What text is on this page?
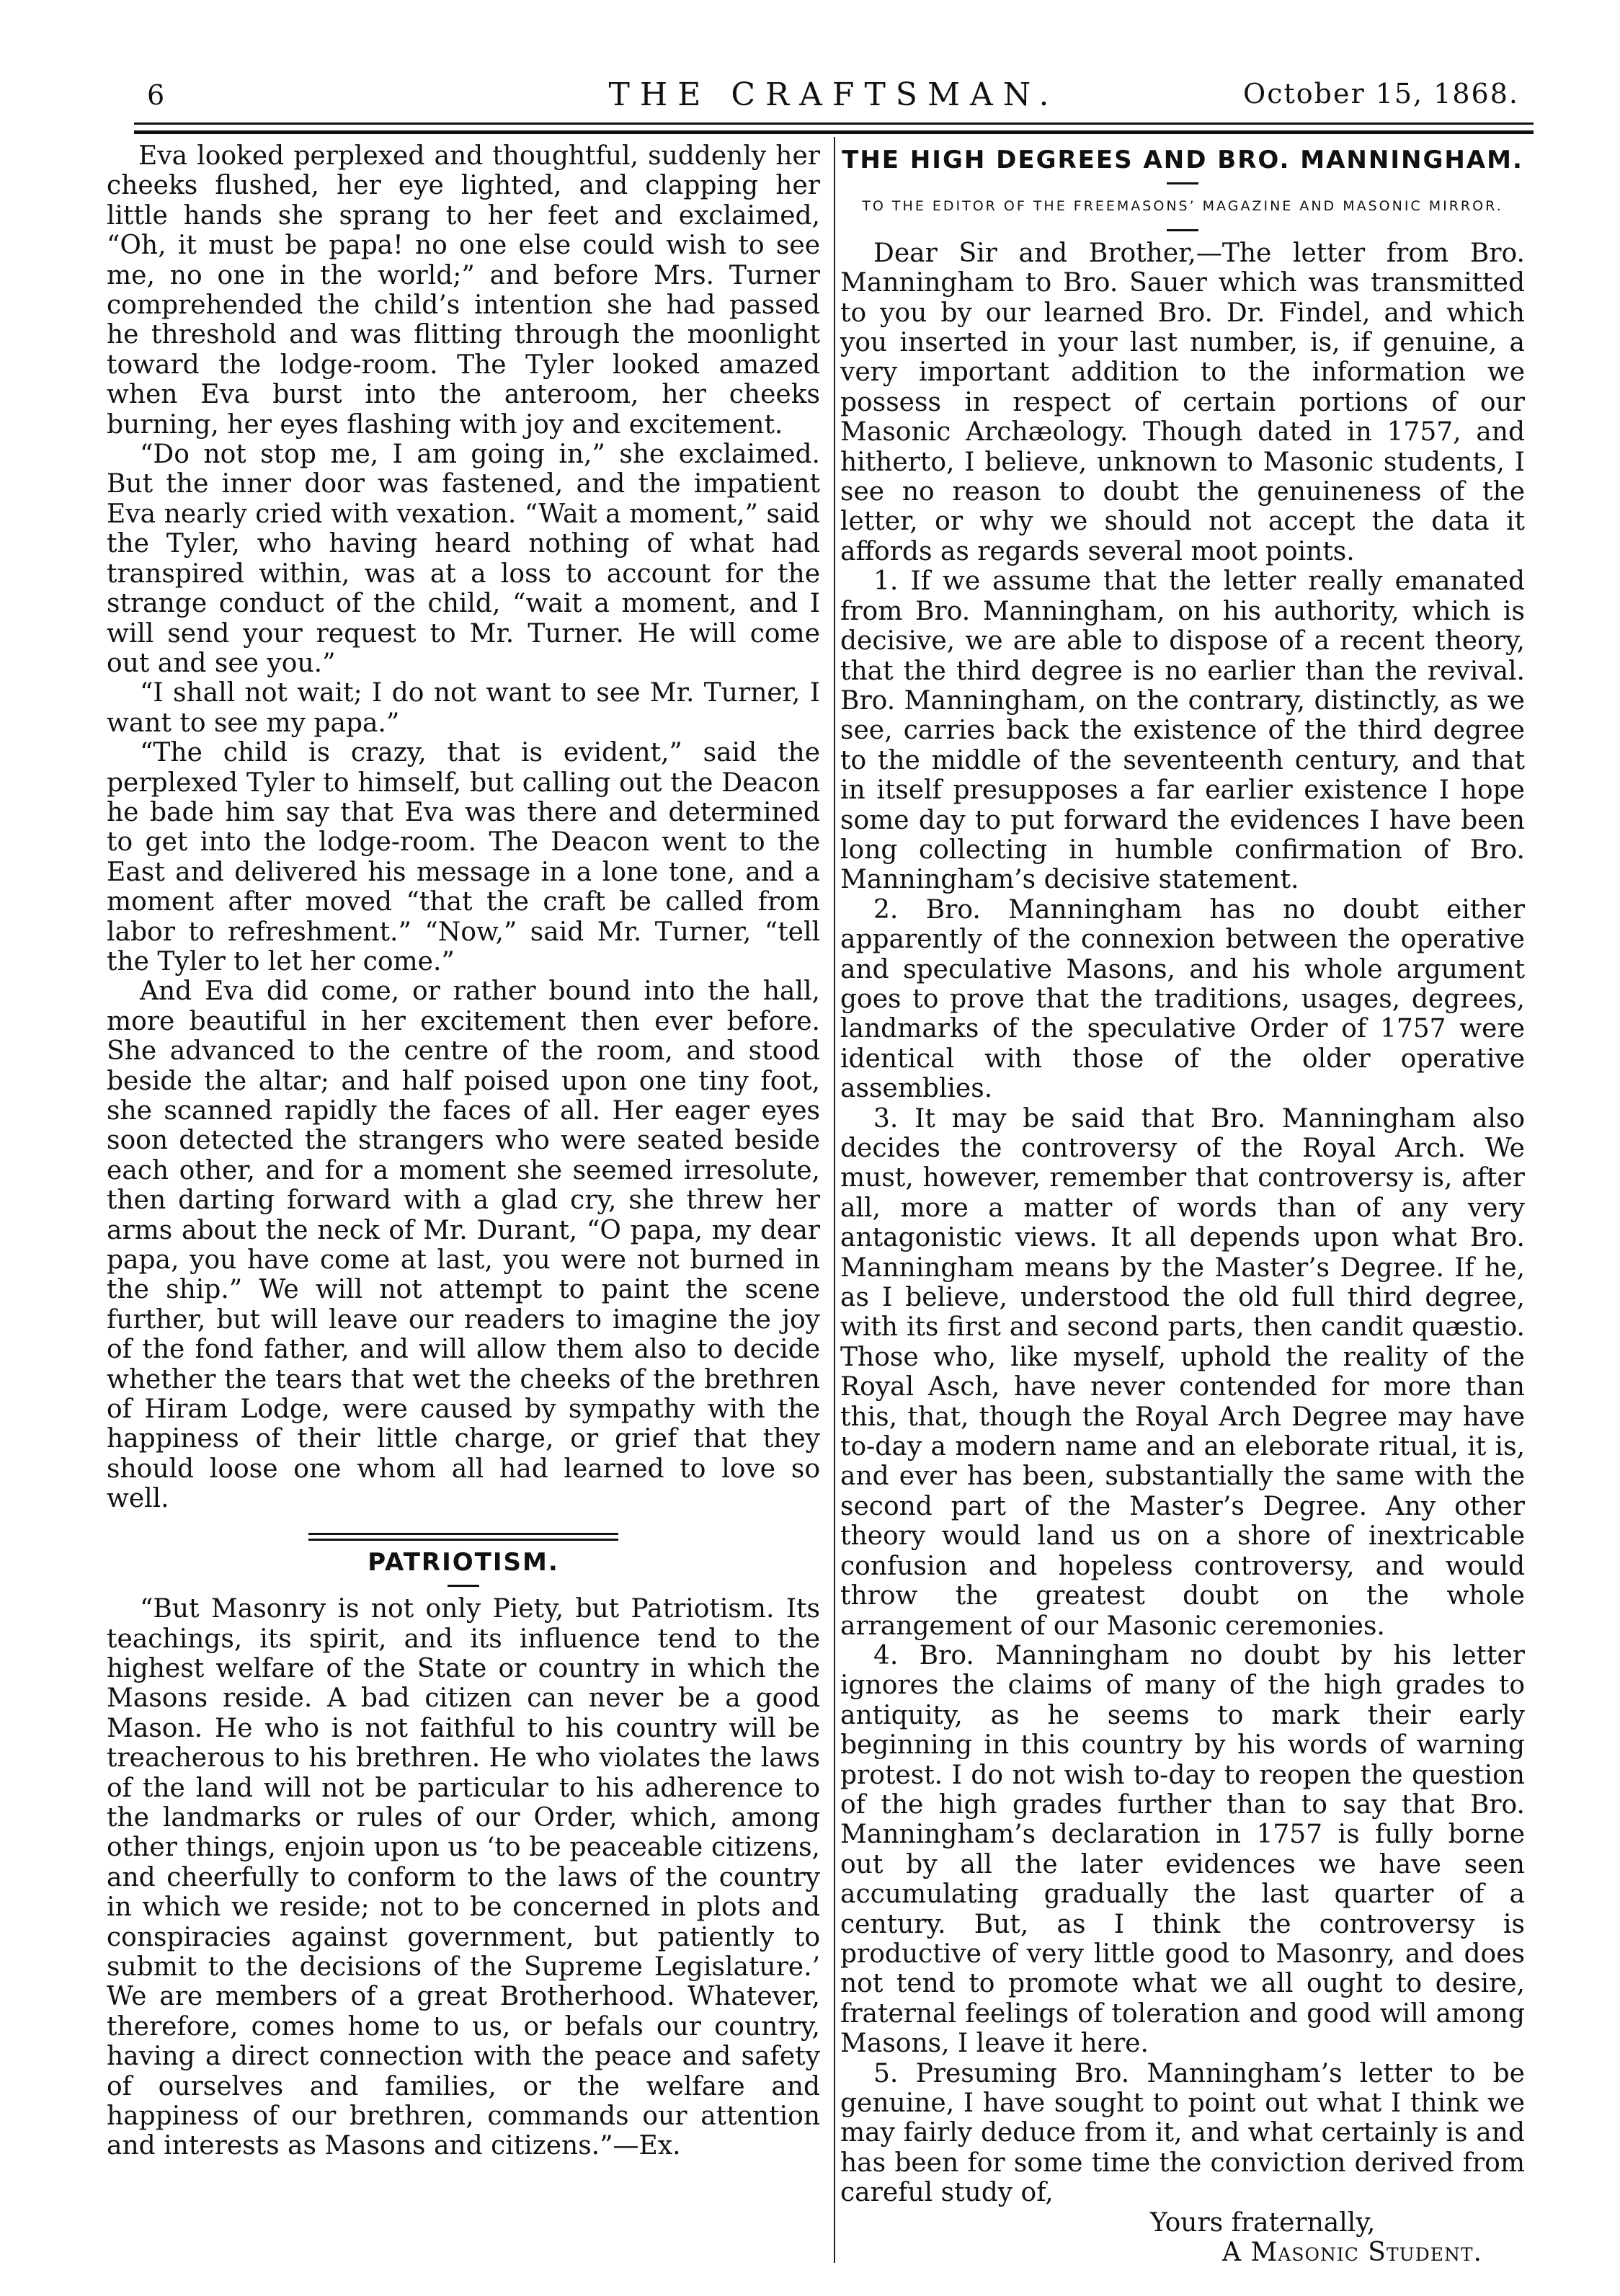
6	THE CRAFTSMAN.	October 15, 1868.

Eva looked perplexed and thoughtful, suddenly her cheeks flushed, her eye lighted, and clapping her little hands she sprang to her feet and exclaimed, “Oh, it must be papa! no one else could wish to see me, no one in the world;” and before Mrs. Turner comprehended the child’s intention she had passed he threshold and was flitting through the moonlight toward the lodge-room. The Tyler looked amazed when Eva burst into the anteroom, her cheeks burning, her eyes flashing with joy and excitement.

“Do not stop me, I am going in,” she exclaimed. But the inner door was fastened, and the impatient Eva nearly cried with vexation. “Wait a moment,” said the Tyler, who having heard nothing of what had transpired within, was at a loss to account for the strange conduct of the child, “wait a moment, and I will send your request to Mr. Turner. He will come out and see you.”

“I shall not wait; I do not want to see Mr. Turner, I want to see my papa.”

“The child is crazy, that is evident,” said the perplexed Tyler to himself, but calling out the Deacon he bade him say that Eva was there and determined to get into the lodge-room. The Deacon went to the East and delivered his message in a lone tone, and a moment after moved “that the craft be called from labor to refreshment.” “Now,” said Mr. Turner, “tell the Tyler to let her come.”

And Eva did come, or rather bound into the hall, more beautiful in her excitement then ever before. She advanced to the centre of the room, and stood beside the altar; and half poised upon one tiny foot, she scanned rapidly the faces of all. Her eager eyes soon detected the strangers who were seated beside each other, and for a moment she seemed irresolute, then darting forward with a glad cry, she threw her arms about the neck of Mr. Durant, “O papa, my dear papa, you have come at last, you were not burned in the ship.” We will not attempt to paint the scene further, but will leave our readers to imagine the joy of the fond father, and will allow them also to decide whether the tears that wet the cheeks of the brethren of Hiram Lodge, were caused by sympathy with the happiness of their little charge, or grief that they should loose one whom all had learned to love so well.

PATRIOTISM.

“But Masonry is not only Piety, but Patriotism. Its teachings, its spirit, and its influence tend to the highest welfare of the State or country in which the Masons reside. A bad citizen can never be a good Mason. He who is not faithful to his country will be treacherous to his brethren. He who violates the laws of the land will not be particular to his adherence to the landmarks or rules of our Order, which, among other things, enjoin upon us ‘to be peaceable citizens, and cheerfully to conform to the laws of the country in which we reside; not to be concerned in plots and conspiracies against government, but patiently to submit to the decisions of the Supreme Legislature.’ We are members of a great Brotherhood. Whatever, therefore, comes home to us, or befals our country, having a direct connection with the peace and safety of ourselves and families, or the welfare and happiness of our brethren, commands our attention and interests as Masons and citizens.”—Ex.

THE HIGH DEGREES AND BRO. MANNINGHAM.
TO THE EDITOR OF THE FREEMASONS’ MAGAZINE AND MASONIC MIRROR.

Dear Sir and Brother,—The letter from Bro. Manningham to Bro. Sauer which was transmitted to you by our learned Bro. Dr. Findel, and which you inserted in your last number, is, if genuine, a very important addition to the information we possess in respect of certain portions of our Masonic Archæology. Though dated in 1757, and hitherto, I believe, unknown to Masonic students, I see no reason to doubt the genuineness of the letter, or why we should not accept the data it affords as regards several moot points.

1. If we assume that the letter really emanated from Bro. Manningham, on his authority, which is decisive, we are able to dispose of a recent theory, that the third degree is no earlier than the revival. Bro. Manningham, on the contrary, distinctly, as we see, carries back the existence of the third degree to the middle of the seventeenth century, and that in itself presupposes a far earlier existence I hope some day to put forward the evidences I have been long collecting in humble confirmation of Bro. Manningham’s decisive statement.

2. Bro. Manningham has no doubt either apparently of the connexion between the operative and speculative Masons, and his whole argument goes to prove that the traditions, usages, degrees, landmarks of the speculative Order of 1757 were identical with those of the older operative assemblies.

3. It may be said that Bro. Manningham also decides the controversy of the Royal Arch. We must, however, remember that controversy is, after all, more a matter of words than of any very antagonistic views. It all depends upon what Bro. Manningham means by the Master’s Degree. If he, as I believe, understood the old full third degree, with its first and second parts, then candit quæstio. Those who, like myself, uphold the reality of the Royal Asch, have never contended for more than this, that, though the Royal Arch Degree may have to-day a modern name and an eleborate ritual, it is, and ever has been, substantially the same with the second part of the Master’s Degree. Any other theory would land us on a shore of inextricable confusion and hopeless controversy, and would throw the greatest doubt on the whole arrangement of our Masonic ceremonies.

4. Bro. Manningham no doubt by his letter ignores the claims of many of the high grades to antiquity, as he seems to mark their early beginning in this country by his words of warning protest. I do not wish to-day to reopen the question of the high grades further than to say that Bro. Manningham’s declaration in 1757 is fully borne out by all the later evidences we have seen accumulating gradually the last quarter of a century. But, as I think the controversy is productive of very little good to Masonry, and does not tend to promote what we all ought to desire, fraternal feelings of toleration and good will among Masons, I leave it here.

5. Presuming Bro. Manningham’s letter to be genuine, I have sought to point out what I think we may fairly deduce from it, and what certainly is and has been for some time the conviction derived from careful study of,

Yours fraternally,

A Masonic Student.
